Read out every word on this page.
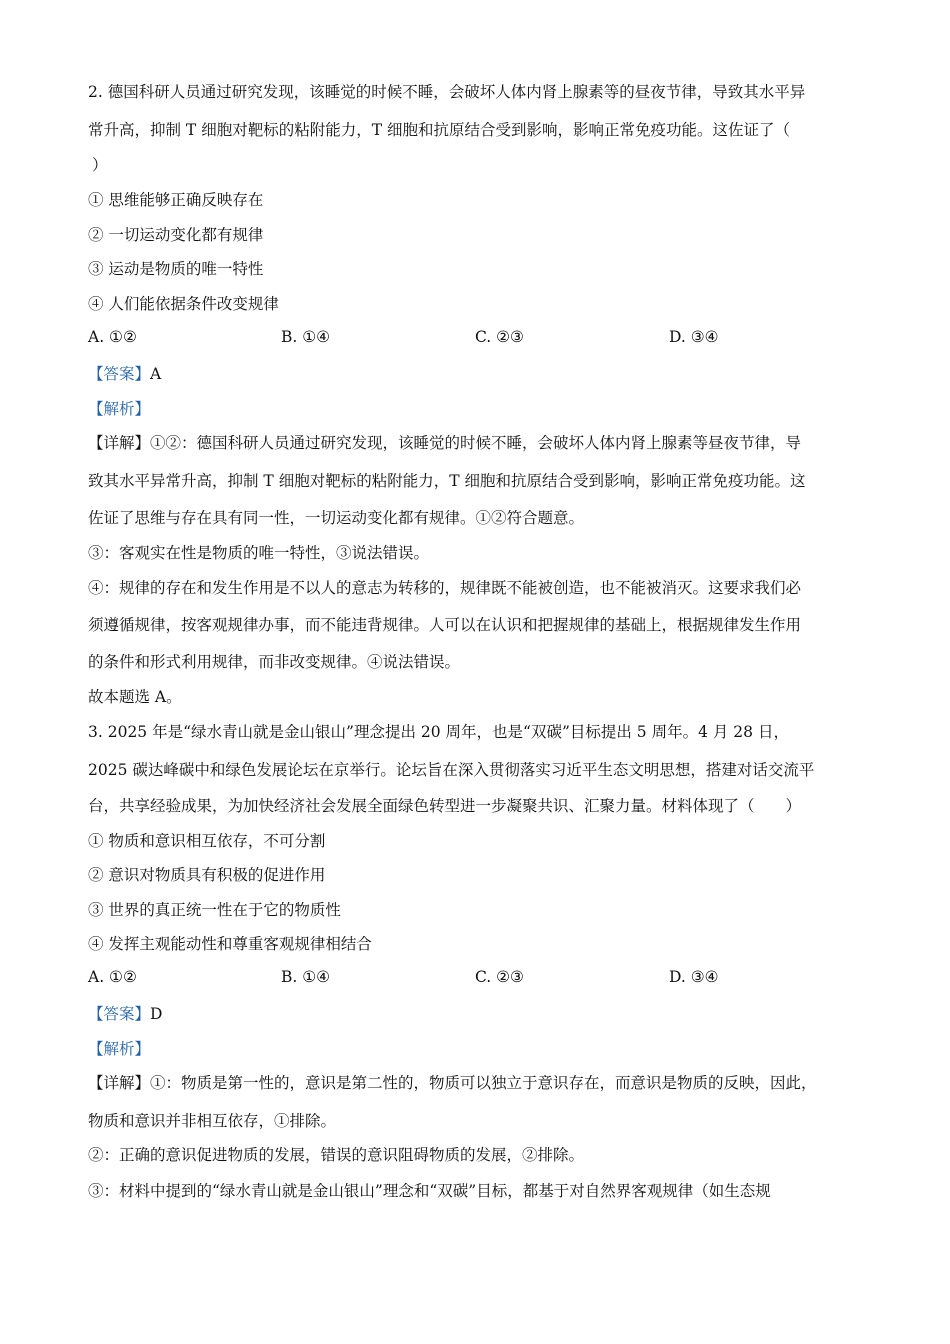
2. 德国科研人员通过研究发现，该睡觉的时候不睡，会破坏人体内肾上腺素等的昼夜节律，导致其水平异
常升高，抑制 T 细胞对靶标的粘附能力，T 细胞和抗原结合受到影响，影响正常免疫功能。这佐证了（
）
① 思维能够正确反映存在
② 一切运动变化都有规律
③ 运动是物质的唯一特性
④ 人们能依据条件改变规律
A. ①②	B. ①④	C. ②③	D. ③④
【答案】A
【解析】
【详解】①②：德国科研人员通过研究发现，该睡觉的时候不睡，会破坏人体内肾上腺素等昼夜节律，导
致其水平异常升高，抑制 T 细胞对靶标的粘附能力，T 细胞和抗原结合受到影响，影响正常免疫功能。这
佐证了思维与存在具有同一性，一切运动变化都有规律。①②符合题意。
③：客观实在性是物质的唯一特性，③说法错误。
④：规律的存在和发生作用是不以人的意志为转移的，规律既不能被创造，也不能被消灭。这要求我们必
须遵循规律，按客观规律办事，而不能违背规律。人可以在认识和把握规律的基础上，根据规律发生作用
的条件和形式利用规律，而非改变规律。④说法错误。
故本题选 A。
3. 2025 年是“绿水青山就是金山银山”理念提出 20 周年，也是“双碳”目标提出 5 周年。4 月 28 日，
2025 碳达峰碳中和绿色发展论坛在京举行。论坛旨在深入贯彻落实习近平生态文明思想，搭建对话交流平
台，共享经验成果，为加快经济社会发展全面绿色转型进一步凝聚共识、汇聚力量。材料体现了（　　）
① 物质和意识相互依存，不可分割
② 意识对物质具有积极的促进作用
③ 世界的真正统一性在于它的物质性
④ 发挥主观能动性和尊重客观规律相结合
A. ①②	B. ①④	C. ②③	D. ③④
【答案】D
【解析】
【详解】①：物质是第一性的，意识是第二性的，物质可以独立于意识存在，而意识是物质的反映，因此，
物质和意识并非相互依存，①排除。
②：正确的意识促进物质的发展，错误的意识阻碍物质的发展，②排除。
③：材料中提到的“绿水青山就是金山银山”理念和“双碳”目标，都基于对自然界客观规律（如生态规
